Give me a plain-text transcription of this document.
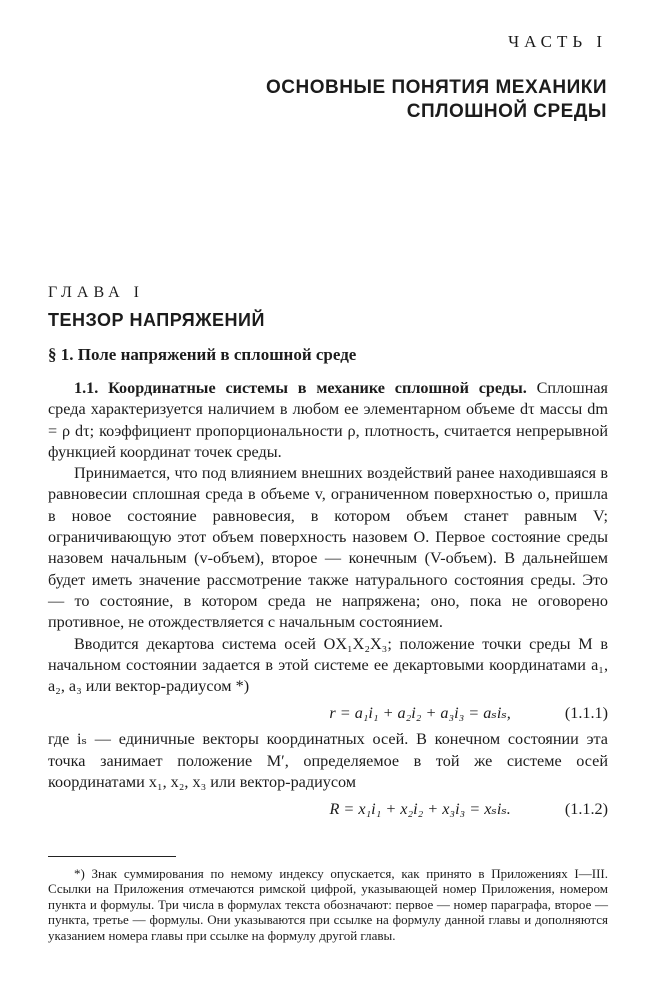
ЧАСТЬ I
ОСНОВНЫЕ ПОНЯТИЯ МЕХАНИКИ
СПЛОШНОЙ СРЕДЫ
ГЛАВА I
ТЕНЗОР НАПРЯЖЕНИЙ
§ 1. Поле напряжений в сплошной среде

1.1. Координатные системы в механике сплошной среды. Сплошная среда характеризуется наличием в любом ее элементарном объеме dτ массы dm = ρ dτ; коэффициент пропорциональности ρ, плотность, считается непрерывной функцией координат точек среды.

Принимается, что под влиянием внешних воздействий ранее находившаяся в равновесии сплошная среда в объеме v, ограниченном поверхностью o, пришла в новое состояние равновесия, в котором объем станет равным V; ограничивающую этот объем поверхность назовем O. Первое состояние среды назовем начальным (v-объем), второе — конечным (V-объем). В дальнейшем будет иметь значение рассмотрение также натурального состояния среды. Это — то состояние, в котором среда не напряжена; оно, пока не оговорено противное, не отождествляется с начальным состоянием.

Вводится декартова система осей OX₁X₂X₃; положение точки среды M в начальном состоянии задается в этой системе ее декартовыми координатами a₁, a₂, a₃ или вектор-радиусом *)

r = a₁i₁ + a₂i₂ + a₃i₃ = aₛiₛ,	(1.1.1)

где iₛ — единичные векторы координатных осей. В конечном состоянии эта точка занимает положение M′, определяемое в той же системе осей координатами x₁, x₂, x₃ или вектор-радиусом

R = x₁i₁ + x₂i₂ + x₃i₃ = xₛiₛ.	(1.1.2)
*) Знак суммирования по немому индексу опускается, как принято в Приложениях I—III. Ссылки на Приложения отмечаются римской цифрой, указывающей номер Приложения, номером пункта и формулы. Три числа в формулах текста обозначают: первое — номер параграфа, второе — пункта, третье — формулы. Они указываются при ссылке на формулу данной главы и дополняются указанием номера главы при ссылке на формулу другой главы.
